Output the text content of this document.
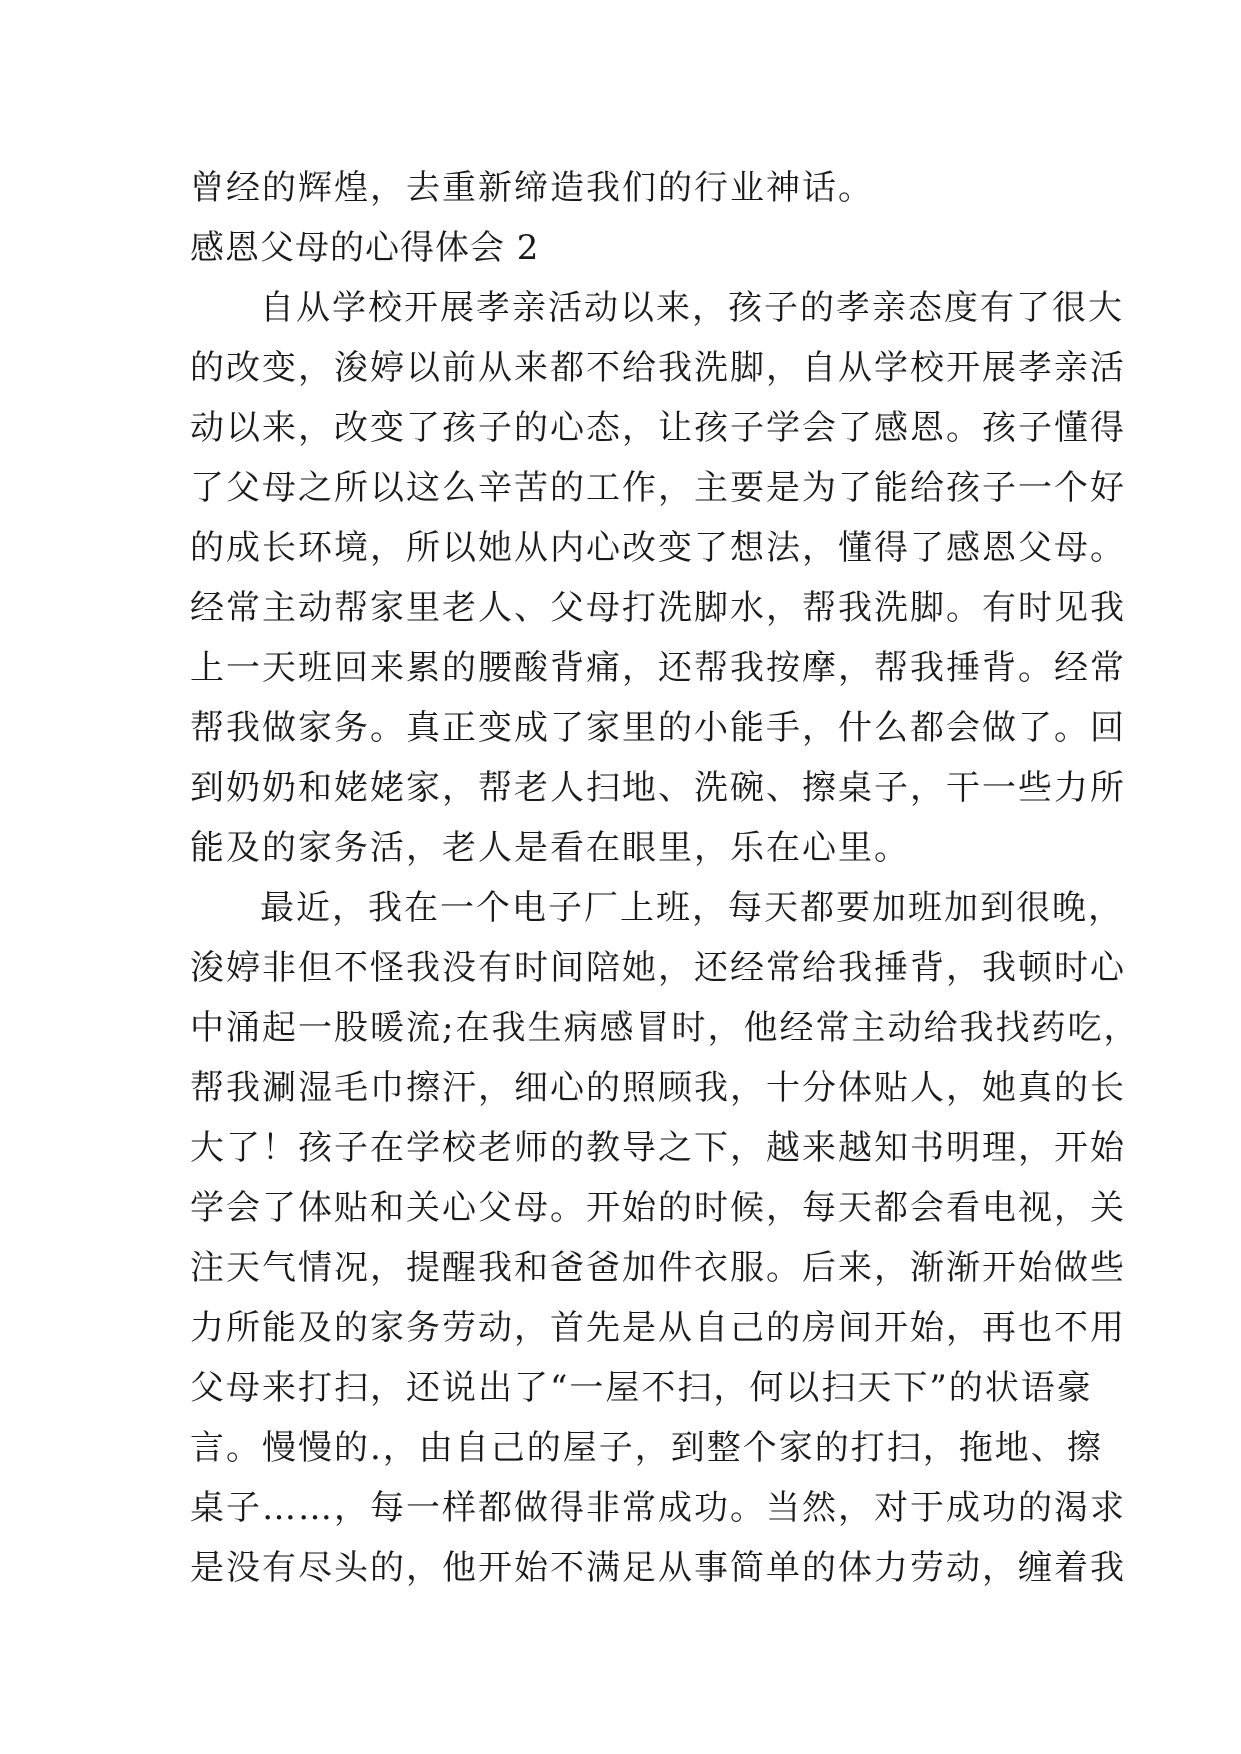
曾经的辉煌，去重新缔造我们的行业神话。
感恩父母的心得体会 2
自从学校开展孝亲活动以来，孩子的孝亲态度有了很大
的改变，浚婷以前从来都不给我洗脚，自从学校开展孝亲活
动以来，改变了孩子的心态，让孩子学会了感恩。孩子懂得
了父母之所以这么辛苦的工作，主要是为了能给孩子一个好
的成长环境，所以她从内心改变了想法，懂得了感恩父母。
经常主动帮家里老人、父母打洗脚水，帮我洗脚。有时见我
上一天班回来累的腰酸背痛，还帮我按摩，帮我捶背。经常
帮我做家务。真正变成了家里的小能手，什么都会做了。回
到奶奶和姥姥家，帮老人扫地、洗碗、擦桌子，干一些力所
能及的家务活，老人是看在眼里，乐在心里。
最近，我在一个电子厂上班，每天都要加班加到很晚，
浚婷非但不怪我没有时间陪她，还经常给我捶背，我顿时心
中涌起一股暖流;在我生病感冒时，他经常主动给我找药吃，
帮我涮湿毛巾擦汗，细心的照顾我，十分体贴人，她真的长
大了！孩子在学校老师的教导之下，越来越知书明理，开始
学会了体贴和关心父母。开始的时候，每天都会看电视，关
注天气情况，提醒我和爸爸加件衣服。后来，渐渐开始做些
力所能及的家务劳动，首先是从自己的房间开始，再也不用
父母来打扫，还说出了“一屋不扫，何以扫天下”的状语豪
言。慢慢的.，由自己的屋子，到整个家的打扫，拖地、擦
桌子……，每一样都做得非常成功。当然，对于成功的渴求
是没有尽头的，他开始不满足从事简单的体力劳动，缠着我
